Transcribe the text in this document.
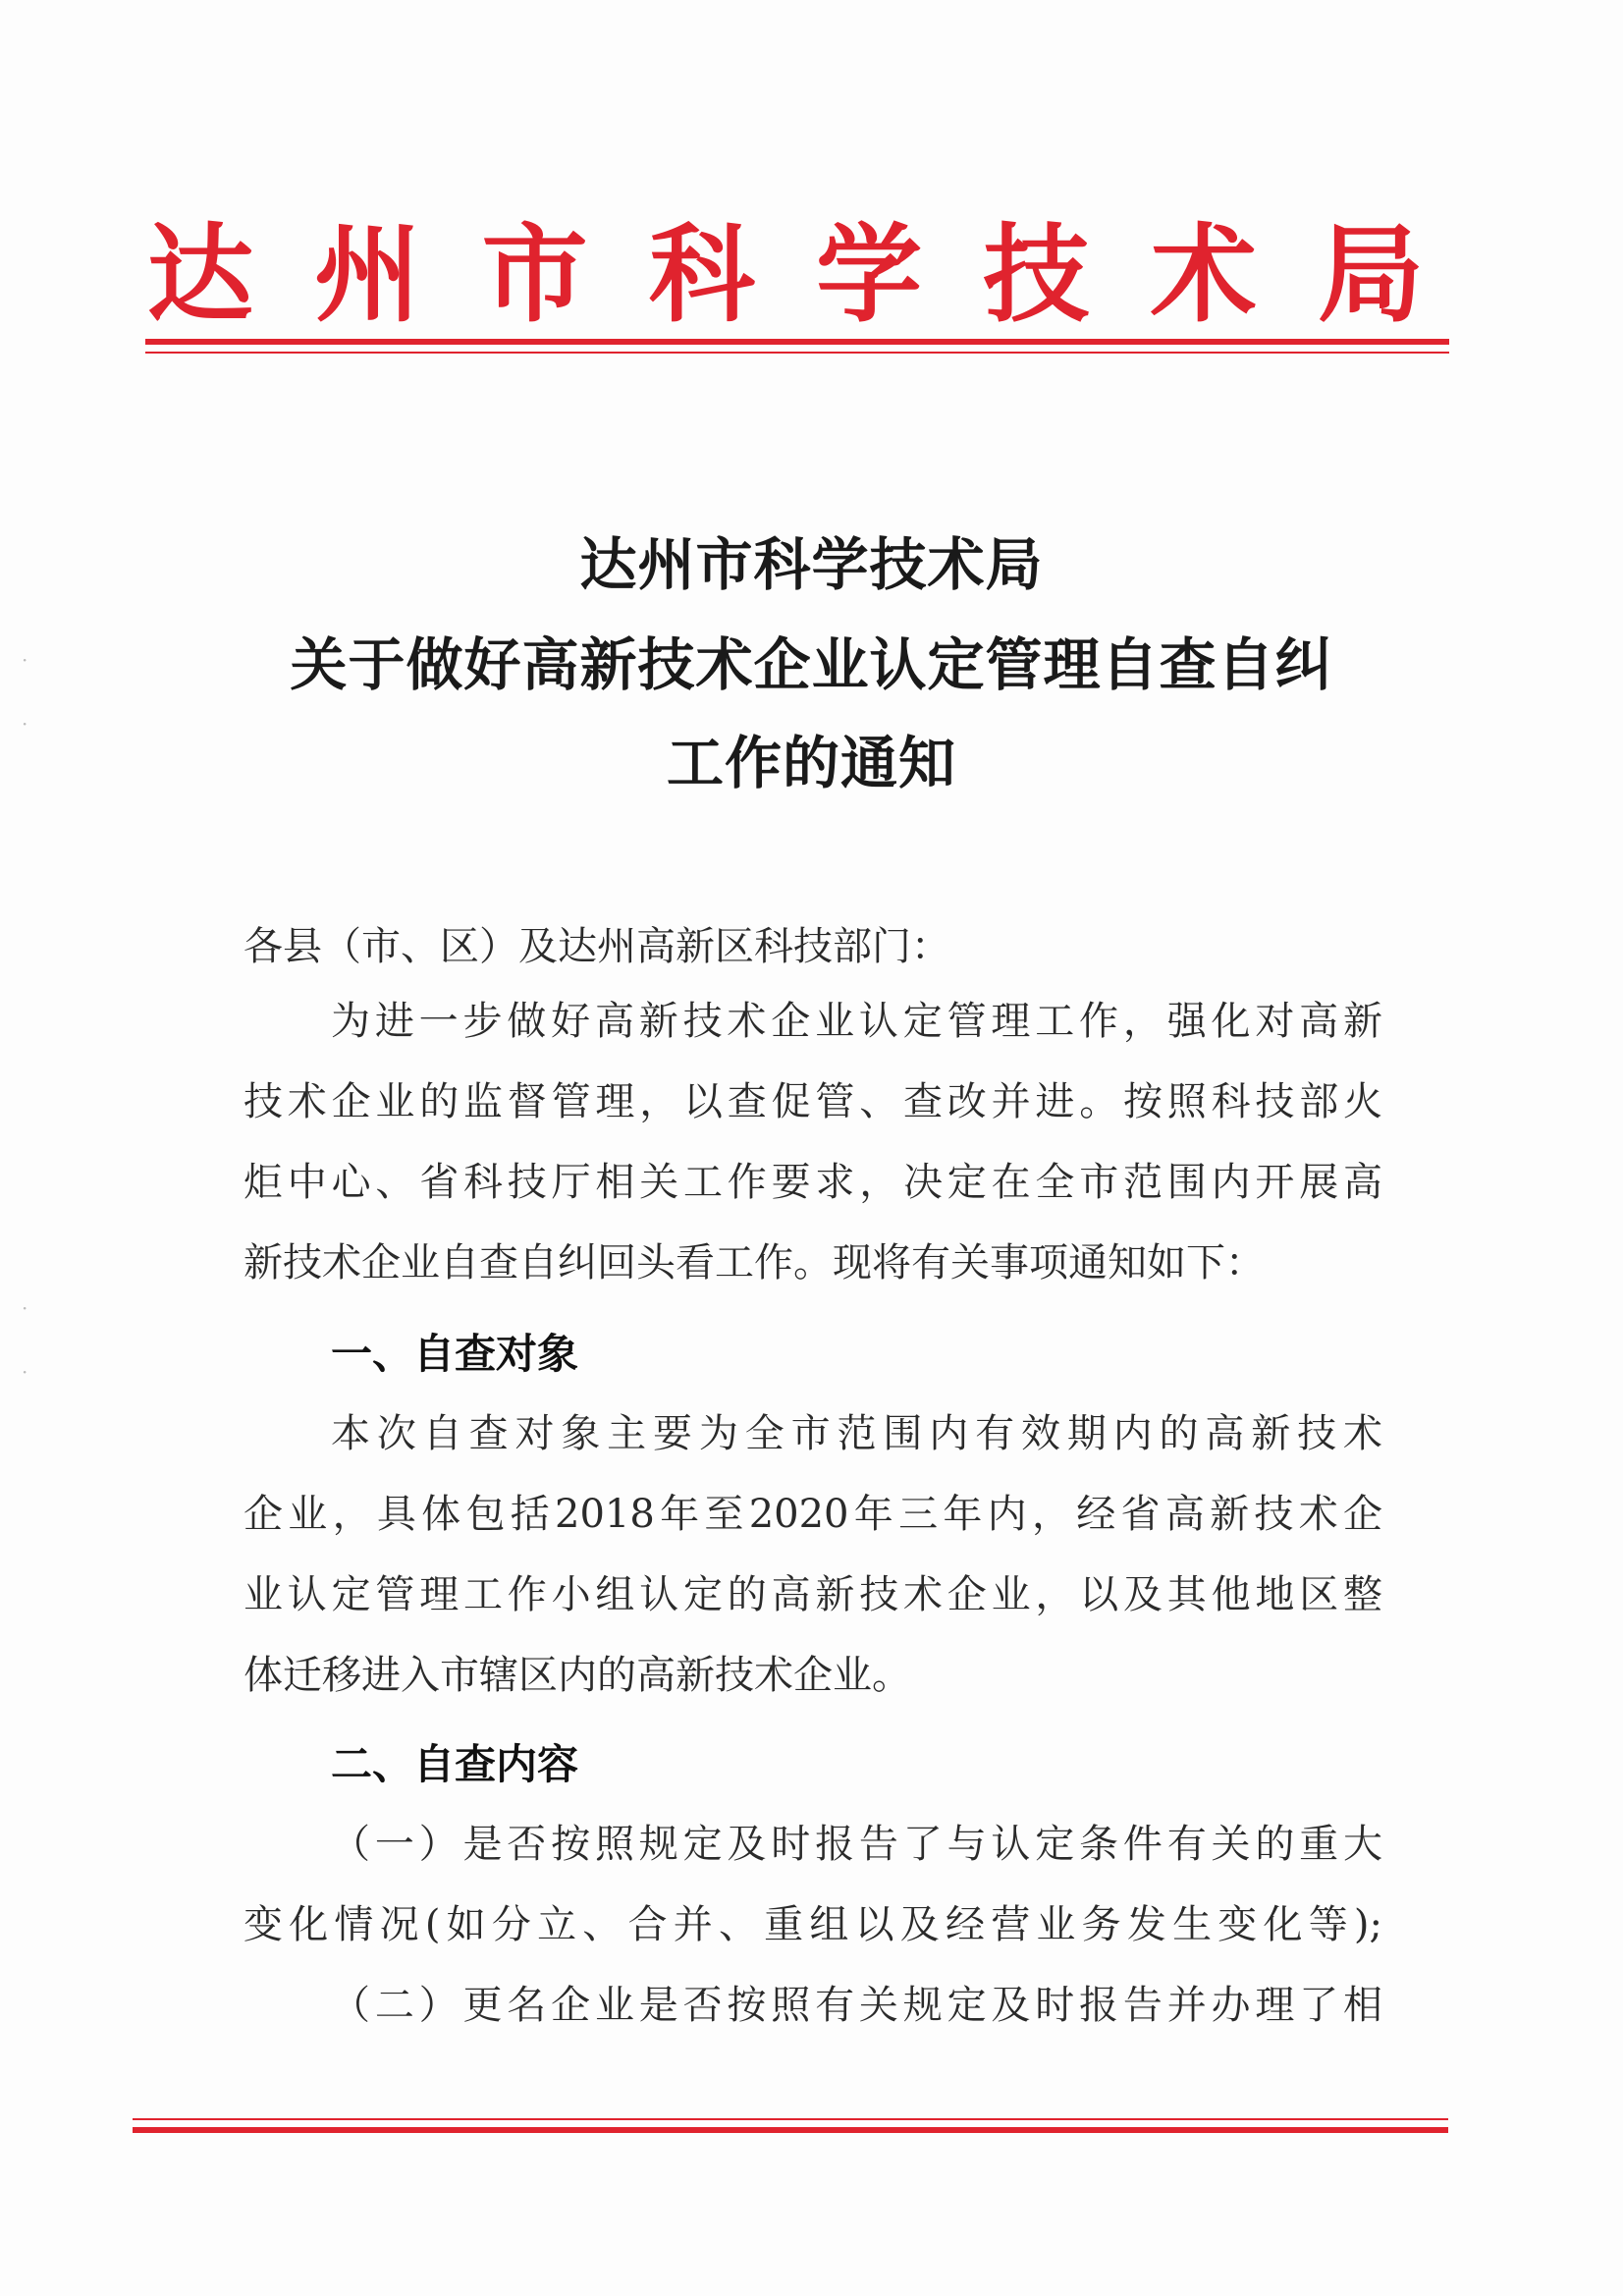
达 州 市 科 学 技 术 局
达州市科学技术局
关于做好高新技术企业认定管理自查自纠
工作的通知
各县（市、区）及达州高新区科技部门：
为进一步做好高新技术企业认定管理工作，强化对高新
技术企业的监督管理，以查促管、查改并进。按照科技部火
炬中心、省科技厅相关工作要求，决定在全市范围内开展高
新技术企业自查自纠回头看工作。现将有关事项通知如下：
一、自查对象
本次自查对象主要为全市范围内有效期内的高新技术
企业，具体包括2018年至2020年三年内，经省高新技术企
业认定管理工作小组认定的高新技术企业，以及其他地区整
体迁移进入市辖区内的高新技术企业。
二、自查内容
（一）是否按照规定及时报告了与认定条件有关的重大
变化情况(如分立、合并、重组以及经营业务发生变化等);
（二）更名企业是否按照有关规定及时报告并办理了相
·
·
·
·
